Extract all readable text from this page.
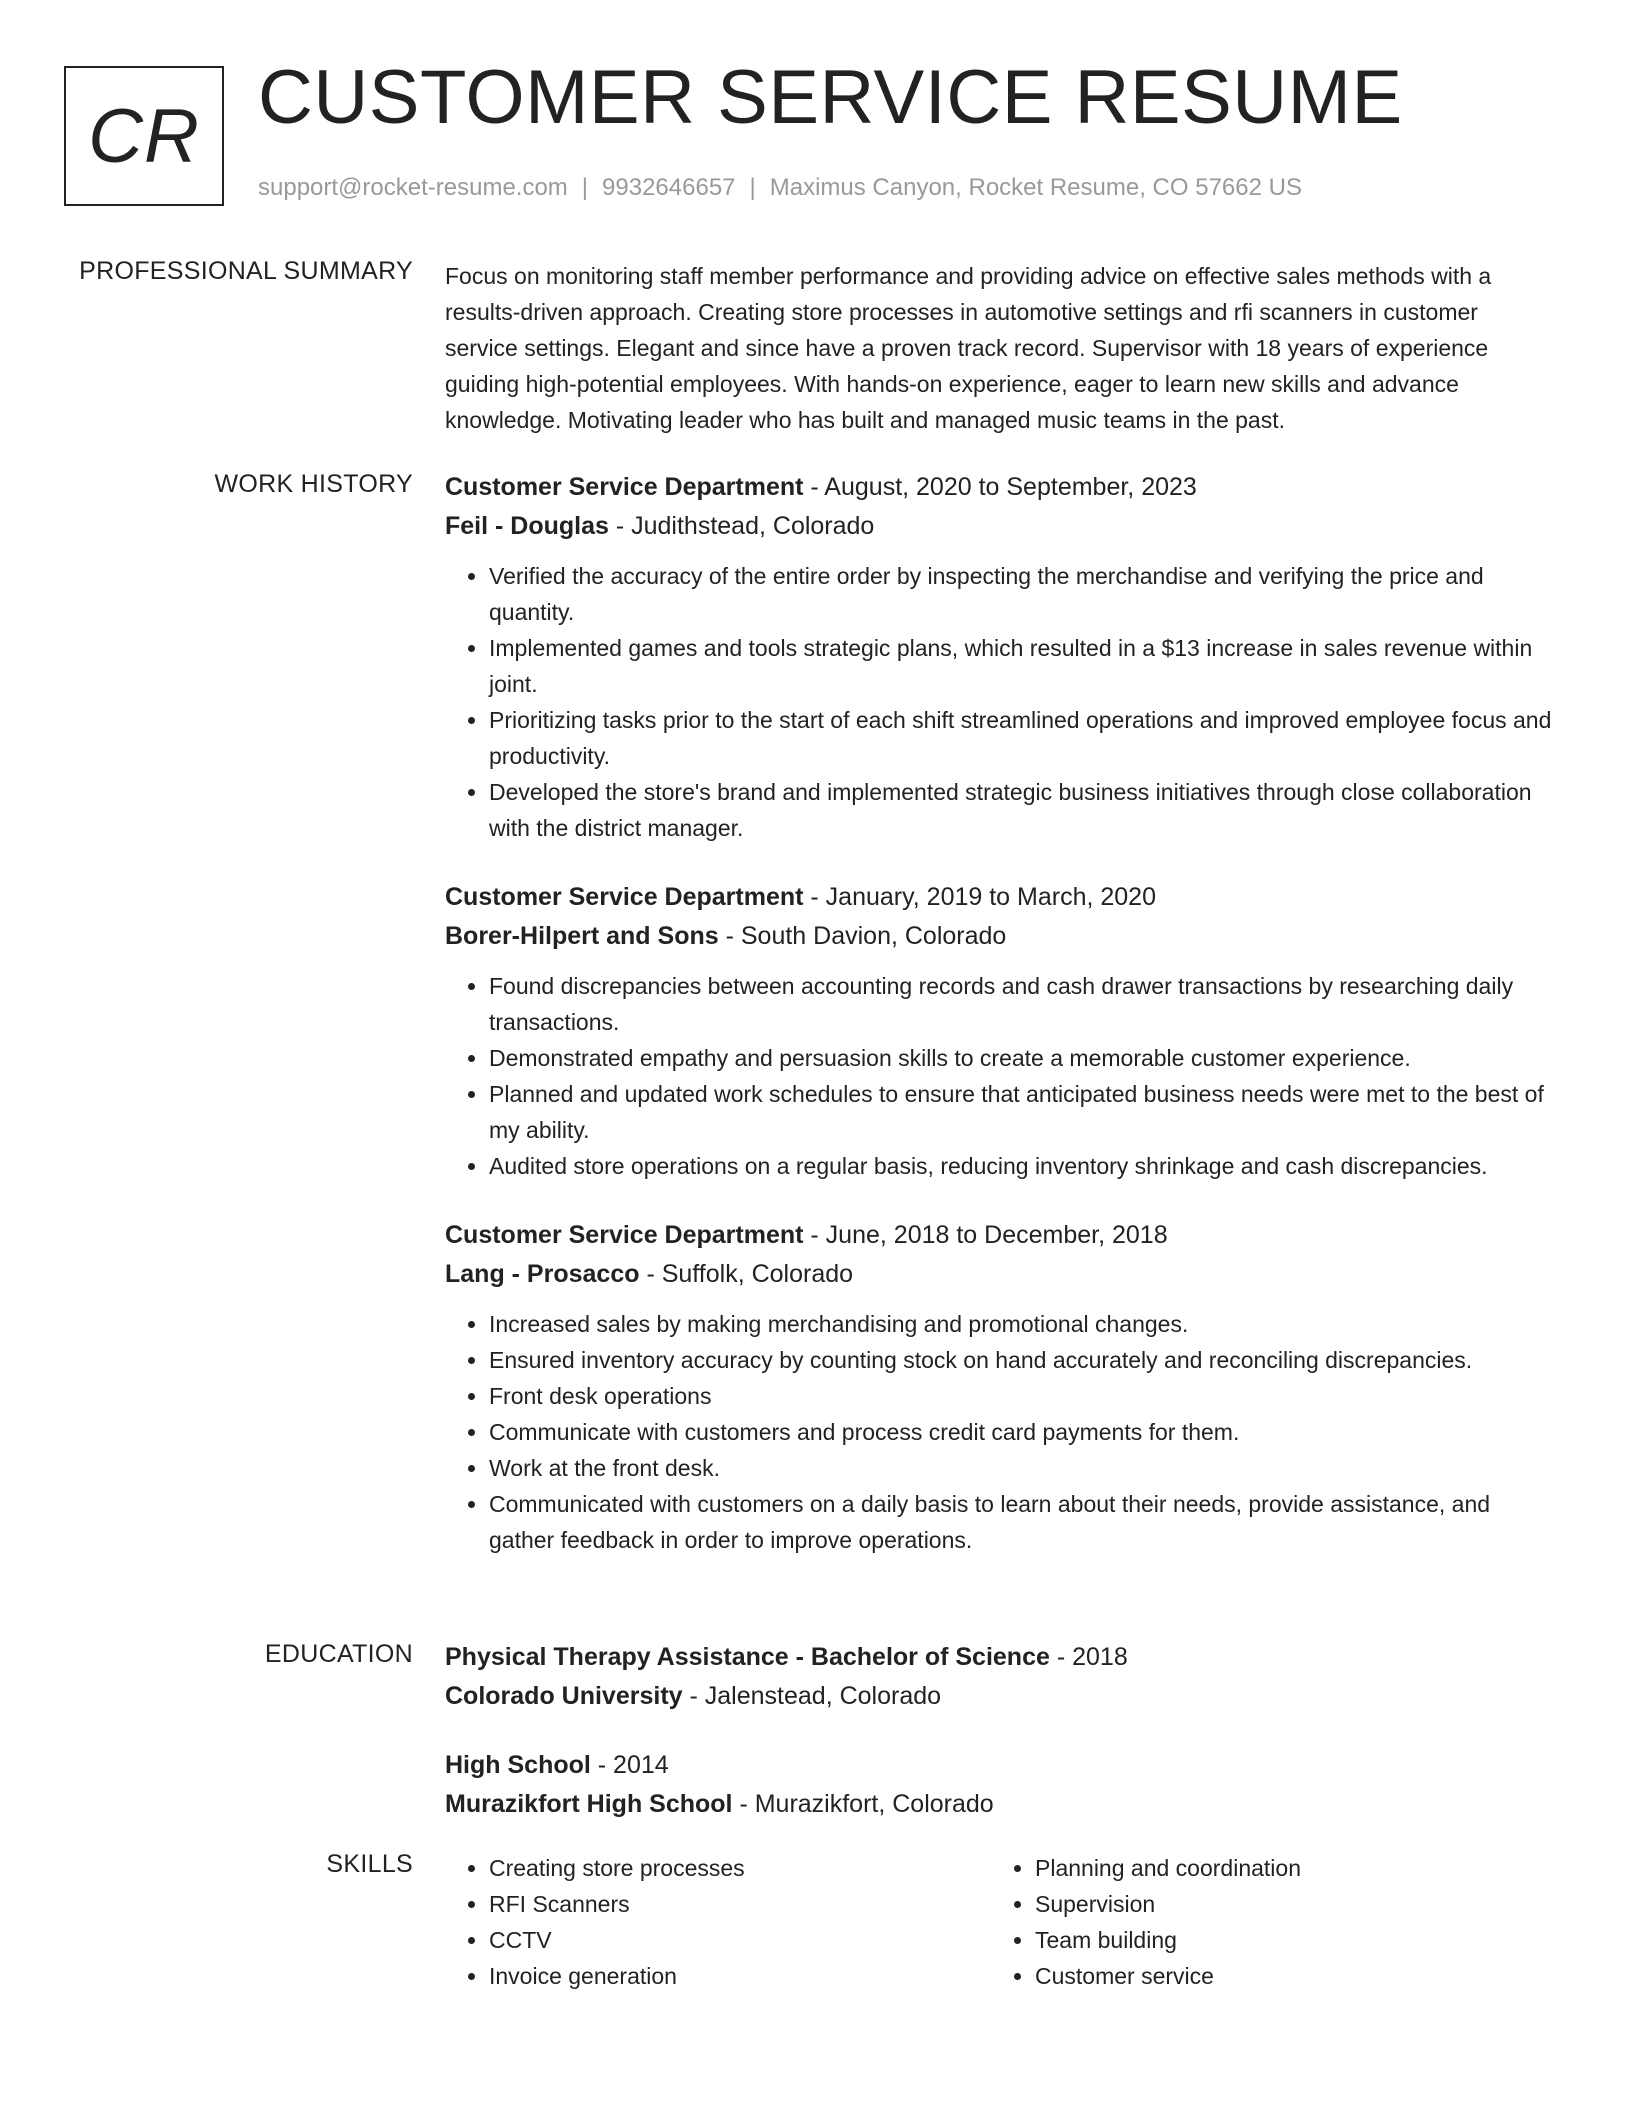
CR CUSTOMER SERVICE RESUME
support@rocket-resume.com | 9932646657 | Maximus Canyon, Rocket Resume, CO 57662 US
PROFESSIONAL SUMMARY Focus on monitoring staff member performance and providing advice on effective sales methods with a results-driven approach. Creating store processes in automotive settings and rfi scanners in customer service settings. Elegant and since have a proven track record. Supervisor with 18 years of experience guiding high-potential employees. With hands-on experience, eager to learn new skills and advance knowledge. Motivating leader who has built and managed music teams in the past.

WORK HISTORY Customer Service Department - August, 2020 to September, 2023
Feil - Douglas - Judithstead, Colorado
• Verified the accuracy of the entire order by inspecting the merchandise and verifying the price and quantity.
• Implemented games and tools strategic plans, which resulted in a $13 increase in sales revenue within joint.
• Prioritizing tasks prior to the start of each shift streamlined operations and improved employee focus and productivity.
• Developed the store's brand and implemented strategic business initiatives through close collaboration with the district manager.
Customer Service Department - January, 2019 to March, 2020
Borer-Hilpert and Sons - South Davion, Colorado
• Found discrepancies between accounting records and cash drawer transactions by researching daily transactions.
• Demonstrated empathy and persuasion skills to create a memorable customer experience.
• Planned and updated work schedules to ensure that anticipated business needs were met to the best of my ability.
• Audited store operations on a regular basis, reducing inventory shrinkage and cash discrepancies.
Customer Service Department - June, 2018 to December, 2018
Lang - Prosacco - Suffolk, Colorado
• Increased sales by making merchandising and promotional changes.
• Ensured inventory accuracy by counting stock on hand accurately and reconciling discrepancies.
• Front desk operations
• Communicate with customers and process credit card payments for them.
• Work at the front desk.
• Communicated with customers on a daily basis to learn about their needs, provide assistance, and gather feedback in order to improve operations.
EDUCATION Physical Therapy Assistance - Bachelor of Science - 2018
Colorado University - Jalenstead, Colorado
High School - 2014
Murazikfort High School - Murazikfort, Colorado
SKILLS
•	Creating store processes
• RFI Scanners
• CCTV
• Invoice generation
• Planning and coordination
• Supervision
• Team building
• Customer service
